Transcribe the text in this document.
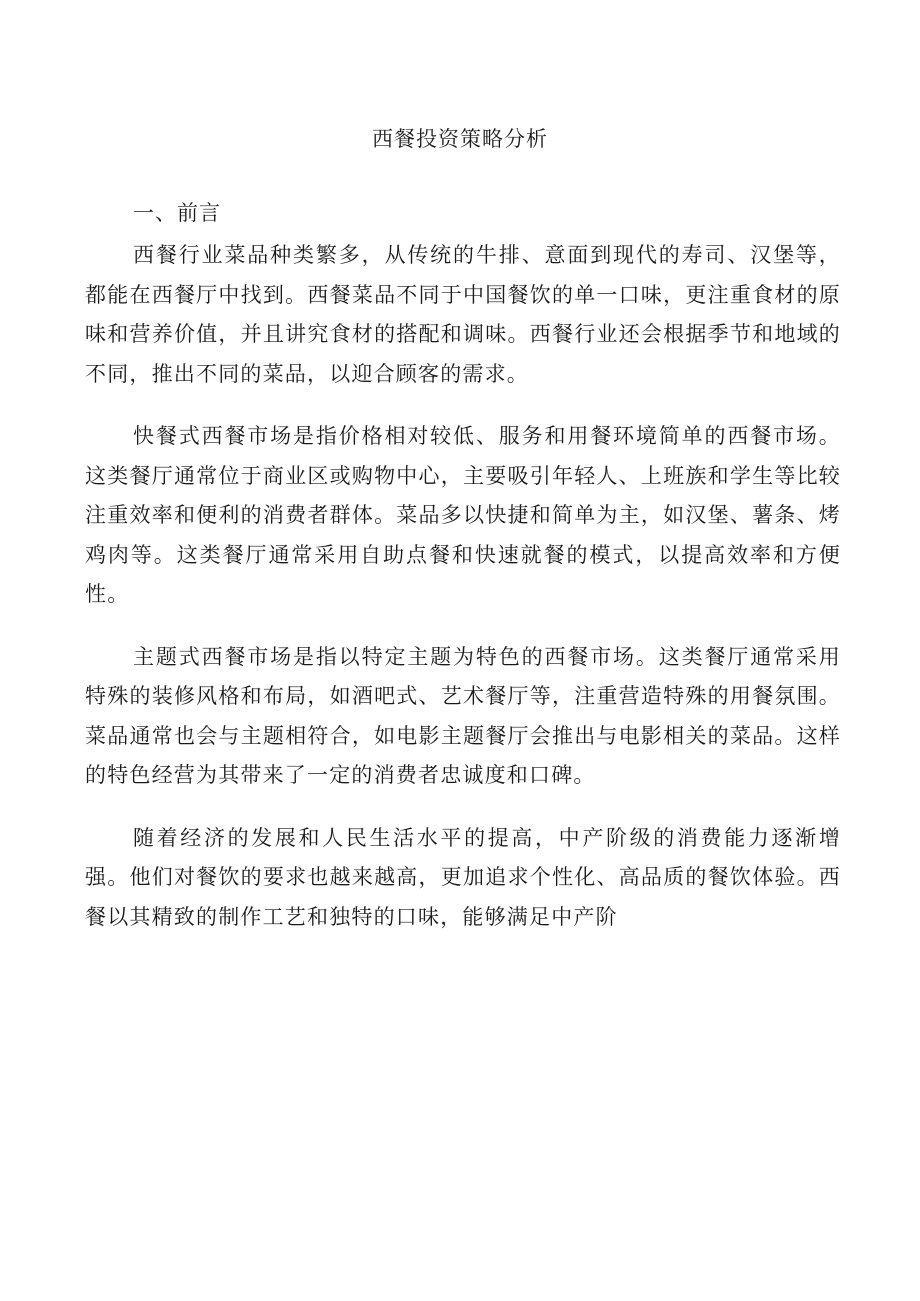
西餐投资策略分析
一、前言

西餐行业菜品种类繁多，从传统的牛排、意面到现代的寿司、汉堡等，都能在西餐厅中找到。西餐菜品不同于中国餐饮的单一口味，更注重食材的原味和营养价值，并且讲究食材的搭配和调味。西餐行业还会根据季节和地域的不同，推出不同的菜品，以迎合顾客的需求。

快餐式西餐市场是指价格相对较低、服务和用餐环境简单的西餐市场。这类餐厅通常位于商业区或购物中心，主要吸引年轻人、上班族和学生等比较注重效率和便利的消费者群体。菜品多以快捷和简单为主，如汉堡、薯条、烤鸡肉等。这类餐厅通常采用自助点餐和快速就餐的模式，以提高效率和方便性。

主题式西餐市场是指以特定主题为特色的西餐市场。这类餐厅通常采用特殊的装修风格和布局，如酒吧式、艺术餐厅等，注重营造特殊的用餐氛围。菜品通常也会与主题相符合，如电影主题餐厅会推出与电影相关的菜品。这样的特色经营为其带来了一定的消费者忠诚度和口碑。

随着经济的发展和人民生活水平的提高，中产阶级的消费能力逐渐增强。他们对餐饮的要求也越来越高，更加追求个性化、高品质的餐饮体验。西餐以其精致的制作工艺和独特的口味，能够满足中产阶
